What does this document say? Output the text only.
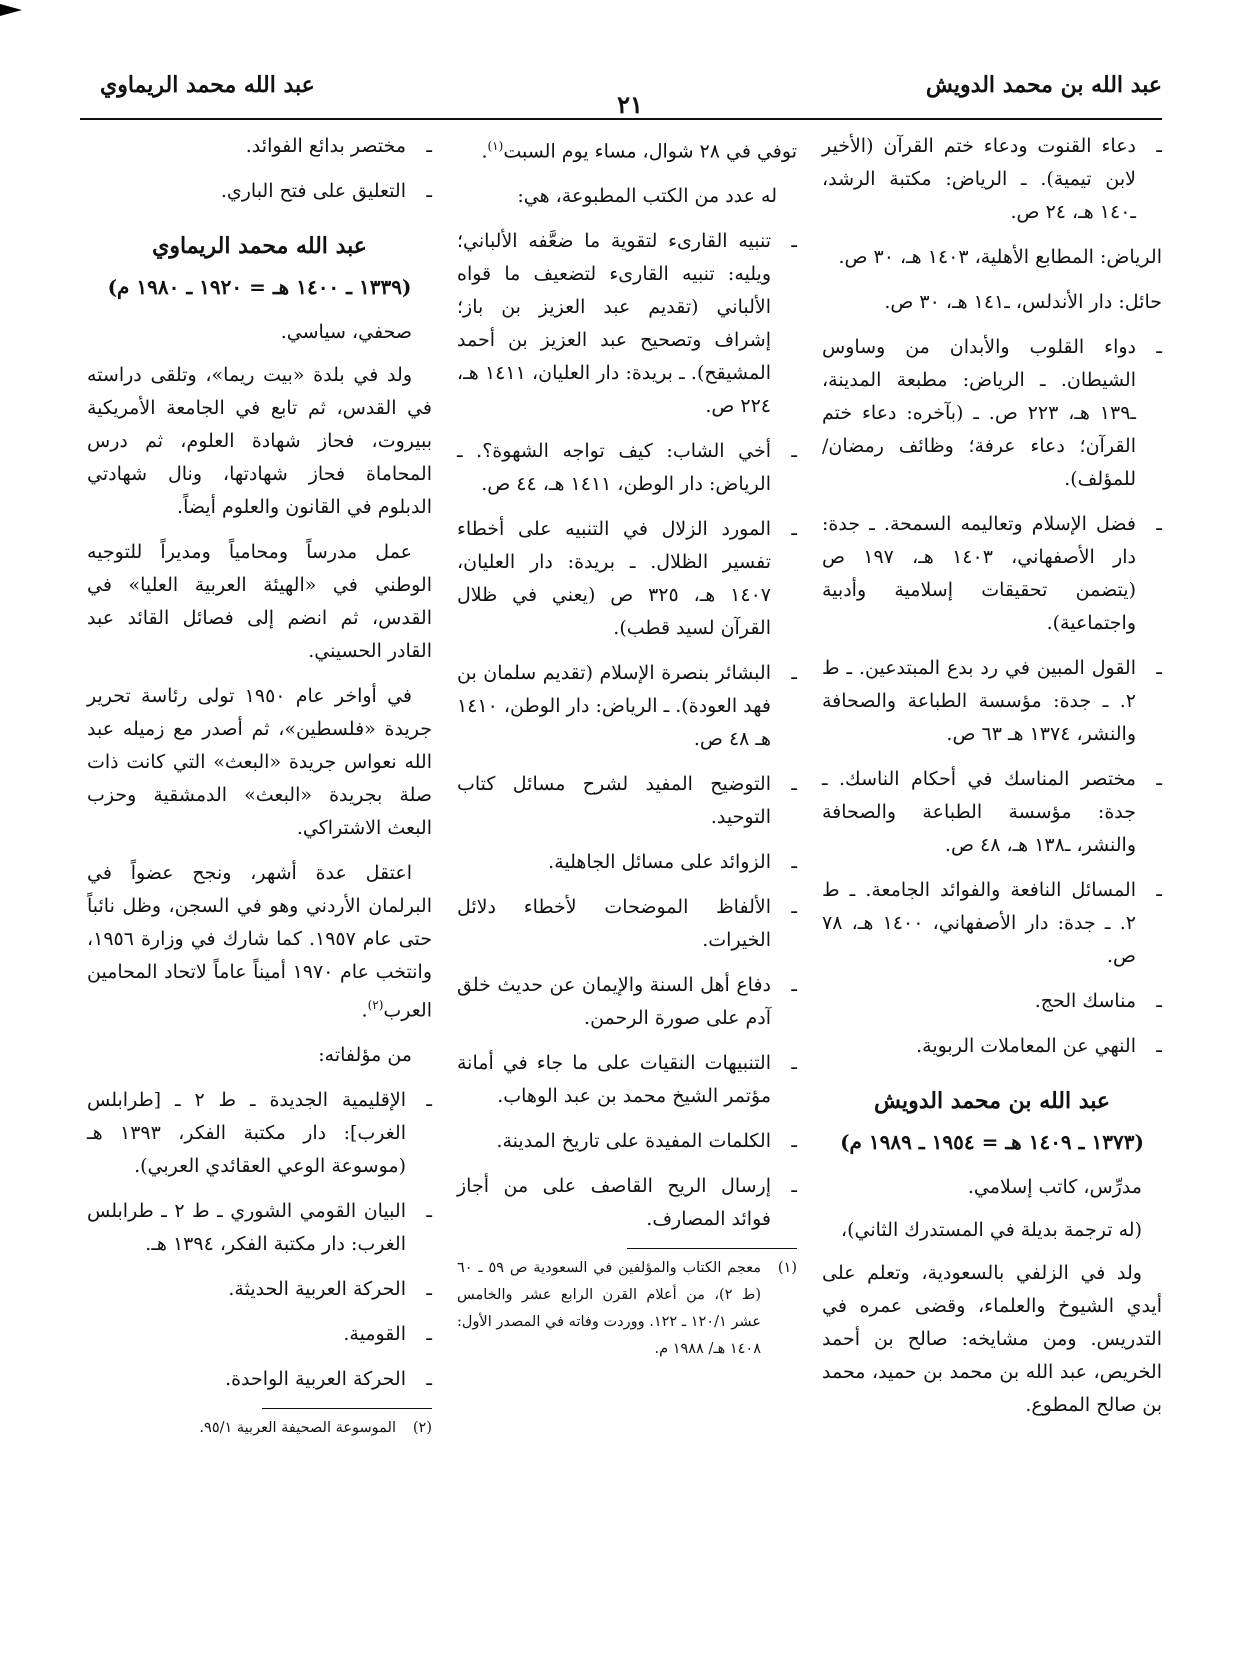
عبد الله بن محمد الدويش
٢١
عبد الله محمد الريماوي
ـ
دعاء القنوت ودعاء ختم القرآن (الأخير لابن تيمية). ـ الرياض: مكتبة الرشد، ـ١٤٠ هـ، ٢٤ ص.

الرياض: المطابع الأهلية، ١٤٠٣ هـ، ٣٠ ص.

حائل: دار الأندلس، ـ١٤١ هـ، ٣٠ ص.

ـ
دواء القلوب والأبدان من وساوس الشيطان. ـ الرياض: مطبعة المدينة، ـ١٣٩ هـ، ٢٢٣ ص. ـ (بآخره: دعاء ختم القرآن؛ دعاء عرفة؛ وظائف رمضان/للمؤلف).
ـ
فضل الإسلام وتعاليمه السمحة. ـ جدة: دار الأصفهاني، ١٤٠٣ هـ، ١٩٧ ص (يتضمن تحقيقات إسلامية وأدبية واجتماعية).
ـ
القول المبين في رد بدع المبتدعين. ـ ط ٢. ـ جدة: مؤسسة الطباعة والصحافة والنشر، ١٣٧٤ هـ ٦٣ ص.
ـ
مختصر المناسك في أحكام الناسك. ـ جدة: مؤسسة الطباعة والصحافة والنشر، ـ١٣٨ هـ، ٤٨ ص.
ـ
المسائل النافعة والفوائد الجامعة. ـ ط ٢. ـ جدة: دار الأصفهاني، ١٤٠٠ هـ، ٧٨ ص.
ـ
مناسك الحج.
ـ
النهي عن المعاملات الربوية.
عبد الله بن محمد الدويش
(١٣٧٣ ـ ١٤٠٩ هـ = ١٩٥٤ ـ ١٩٨٩ م)

مدرِّس، كاتب إسلامي.

(له ترجمة بديلة في المستدرك الثاني)،

ولد في الزلفي بالسعودية، وتعلم على أيدي الشيوخ والعلماء، وقضى عمره في التدريس. ومن مشايخه: صالح بن أحمد الخريص، عبد الله بن محمد بن حميد، محمد بن صالح المطوع.

توفي في ٢٨ شوال، مساء يوم السبت$^{(١)}$.

له عدد من الكتب المطبوعة، هي:

ـ
تنبيه القارىء لتقوية ما ضعَّفه الألباني؛ ويليه: تنبيه القارىء لتضعيف ما قواه الألباني (تقديم عبد العزيز بن باز؛ إشراف وتصحيح عبد العزيز بن أحمد المشيقح). ـ بريدة: دار العليان، ١٤١١ هـ، ٢٢٤ ص.
ـ
أخي الشاب: كيف تواجه الشهوة؟. ـ الرياض: دار الوطن، ١٤١١ هـ، ٤٤ ص.
ـ
المورد الزلال في التنبيه على أخطاء تفسير الظلال. ـ بريدة: دار العليان، ١٤٠٧ هـ، ٣٢٥ ص (يعني في ظلال القرآن لسيد قطب).
ـ
البشائر بنصرة الإسلام (تقديم سلمان بن فهد العودة). ـ الرياض: دار الوطن، ١٤١٠ هـ ٤٨ ص.
ـ
التوضيح المفيد لشرح مسائل كتاب التوحيد.
ـ
الزوائد على مسائل الجاهلية.
ـ
الألفاظ الموضحات لأخطاء دلائل الخيرات.
ـ
دفاع أهل السنة والإيمان عن حديث خلق آدم على صورة الرحمن.
ـ
التنبيهات النقيات على ما جاء في أمانة مؤتمر الشيخ محمد بن عبد الوهاب.
ـ
الكلمات المفيدة على تاريخ المدينة.
ـ
إرسال الريح القاصف على من أجاز فوائد المصارف.
(١)
معجم الكتاب والمؤلفين في السعودية ص ٥٩ ـ ٦٠ (ط ٢)، من أعلام القرن الرابع عشر والخامس عشر ١٢٠/١ ـ ١٢٢. ووردت وفاته في المصدر الأول: ١٤٠٨ هـ/ ١٩٨٨ م.
ـ
مختصر بدائع الفوائد.
ـ
التعليق على فتح الباري.
عبد الله محمد الريماوي
(١٣٣٩ ـ ١٤٠٠ هـ = ١٩٢٠ ـ ١٩٨٠ م)

صحفي، سياسي.

ولد في بلدة «بيت ريما»، وتلقى دراسته في القدس، ثم تابع في الجامعة الأمريكية ببيروت، فحاز شهادة العلوم، ثم درس المحاماة فحاز شهادتها، ونال شهادتي الدبلوم في القانون والعلوم أيضاً.

عمل مدرساً ومحامياً ومديراً للتوجيه الوطني في «الهيئة العربية العليا» في القدس، ثم انضم إلى فصائل القائد عبد القادر الحسيني.

في أواخر عام ١٩٥٠ تولى رئاسة تحرير جريدة «فلسطين»، ثم أصدر مع زميله عبد الله نعواس جريدة «البعث» التي كانت ذات صلة بجريدة «البعث» الدمشقية وحزب البعث الاشتراكي.

اعتقل عدة أشهر، ونجح عضواً في البرلمان الأردني وهو في السجن، وظل نائباً حتى عام ١٩٥٧. كما شارك في وزارة ١٩٥٦، وانتخب عام ١٩٧٠ أميناً عاماً لاتحاد المحامين العرب$^{(٢)}$.

من مؤلفاته:

ـ
الإقليمية الجديدة ـ ط ٢ ـ [طرابلس الغرب]: دار مكتبة الفكر، ١٣٩٣ هـ (موسوعة الوعي العقائدي العربي).
ـ
البيان القومي الشوري ـ ط ٢ ـ طرابلس الغرب: دار مكتبة الفكر، ١٣٩٤ هـ.
ـ
الحركة العربية الحديثة.
ـ
القومية.
ـ
الحركة العربية الواحدة.
(٢)
الموسوعة الصحيفة العربية ٩٥/١.
